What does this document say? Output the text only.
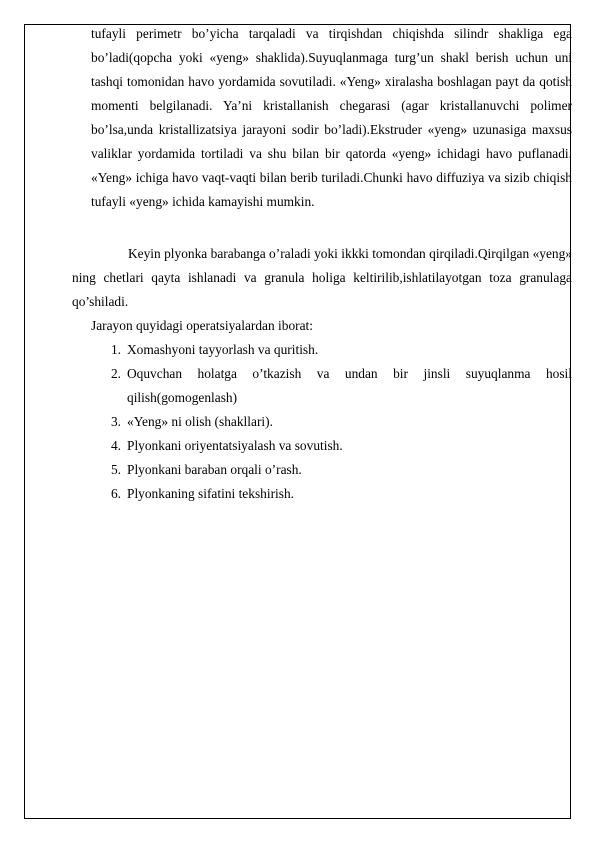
tufayli perimetr bo’yicha tarqaladi va tirqishdan chiqishda silindr shakliga ega bo’ladi(qopcha yoki «yeng» shaklida).Suyuqlanmaga turg’un shakl berish uchun uni tashqi tomonidan havo yordamida sovutiladi. «Yeng» xiralasha boshlagan payt da qotish momenti belgilanadi. Ya’ni kristallanish chegarasi (agar kristallanuvchi polimer bo’lsa,unda kristallizatsiya jarayoni sodir bo’ladi).Ekstruder «yeng» uzunasiga maxsus valiklar yordamida tortiladi va shu bilan bir qatorda «yeng» ichidagi havo puflanadi. «Yeng» ichiga havo vaqt-vaqti bilan berib turiladi.Chunki havo diffuziya va sizib chiqish tufayli «yeng» ichida kamayishi mumkin.

Keyin plyonka barabanga o’raladi yoki ikkki tomondan qirqiladi.Qirqilgan «yeng» ning chetlari qayta ishlanadi va granula holiga keltirilib,ishlatilayotgan toza granulaga qo’shiladi.

Jarayon quyidagi operatsiyalardan iborat:

1. Xomashyoni tayyorlash va quritish.
2. Oquvchan holatga o’tkazish va undan bir jinsli suyuqlanma hosil qilish(gomogenlash)
3. «Yeng» ni olish (shakllari).
4. Plyonkani oriyentatsiyalash va sovutish.
5. Plyonkani baraban orqali o’rash.
6. Plyonkaning sifatini tekshirish.
